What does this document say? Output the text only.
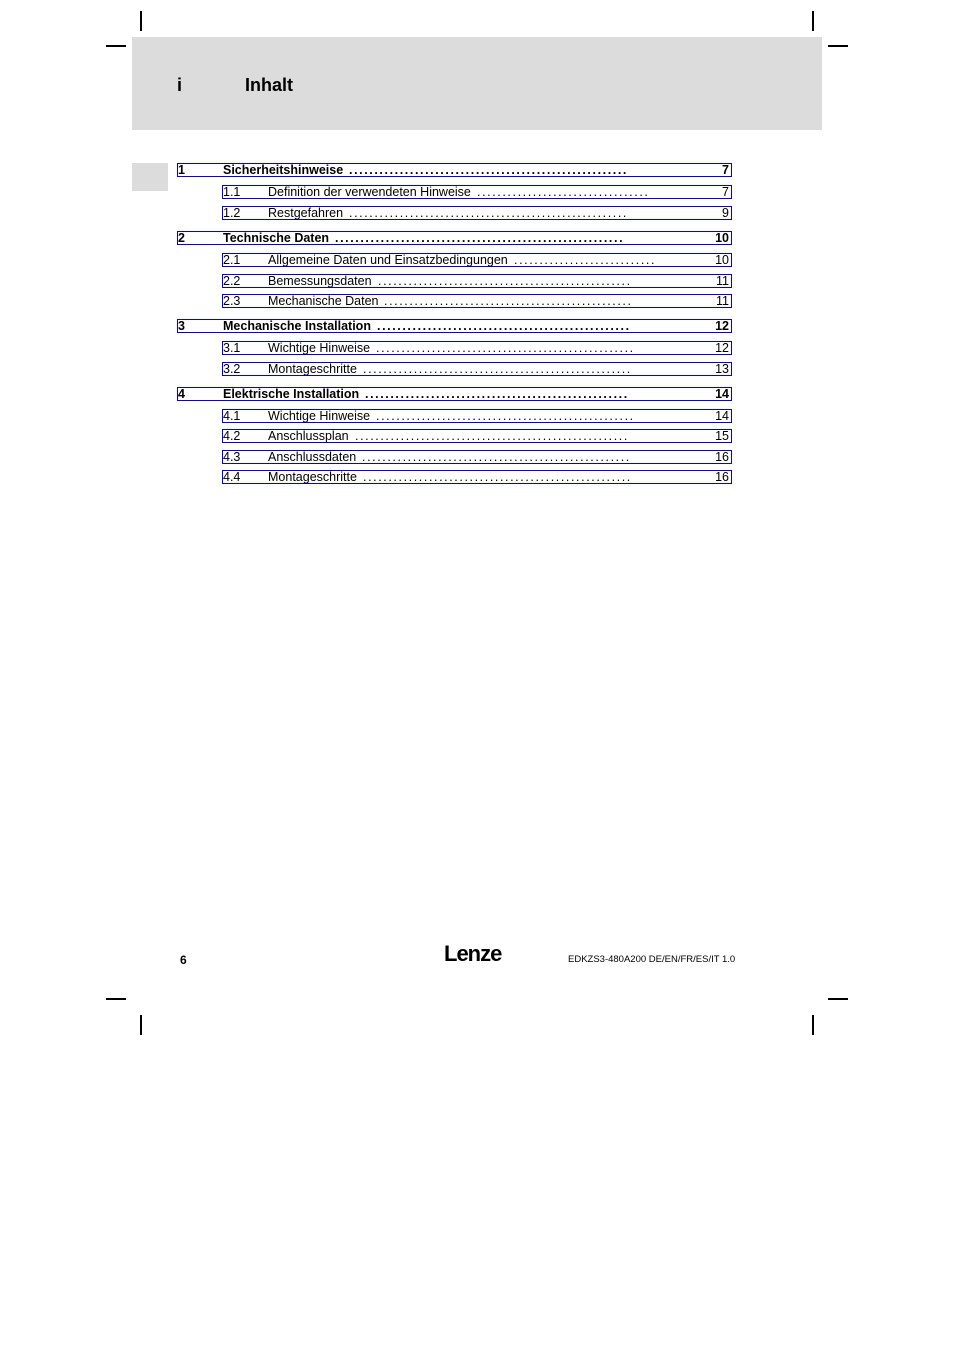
i	Inhalt
1	Sicherheitshinweise .......................................................	7
1.1 Definition der verwendeten Hinweise ..................................	7
1.2 Restgefahren .......................................................	9
2	Technische Daten .........................................................	10
2.1 Allgemeine Daten und Einsatzbedingungen ............................	10
2.2 Bemessungsdaten ..................................................	11
2.3 Mechanische Daten .................................................	11
3	Mechanische Installation ..................................................	12
3.1 Wichtige Hinweise ...................................................	12
3.2 Montageschritte .....................................................	13
4	Elektrische Installation ....................................................	14
4.1 Wichtige Hinweise ...................................................	14
4.2 Anschlussplan ......................................................	15
4.3 Anschlussdaten .....................................................	16
4.4 Montageschritte .....................................................	16
6	Lenze	EDKZS3-480A200 DE/EN/FR/ES/IT 1.0
